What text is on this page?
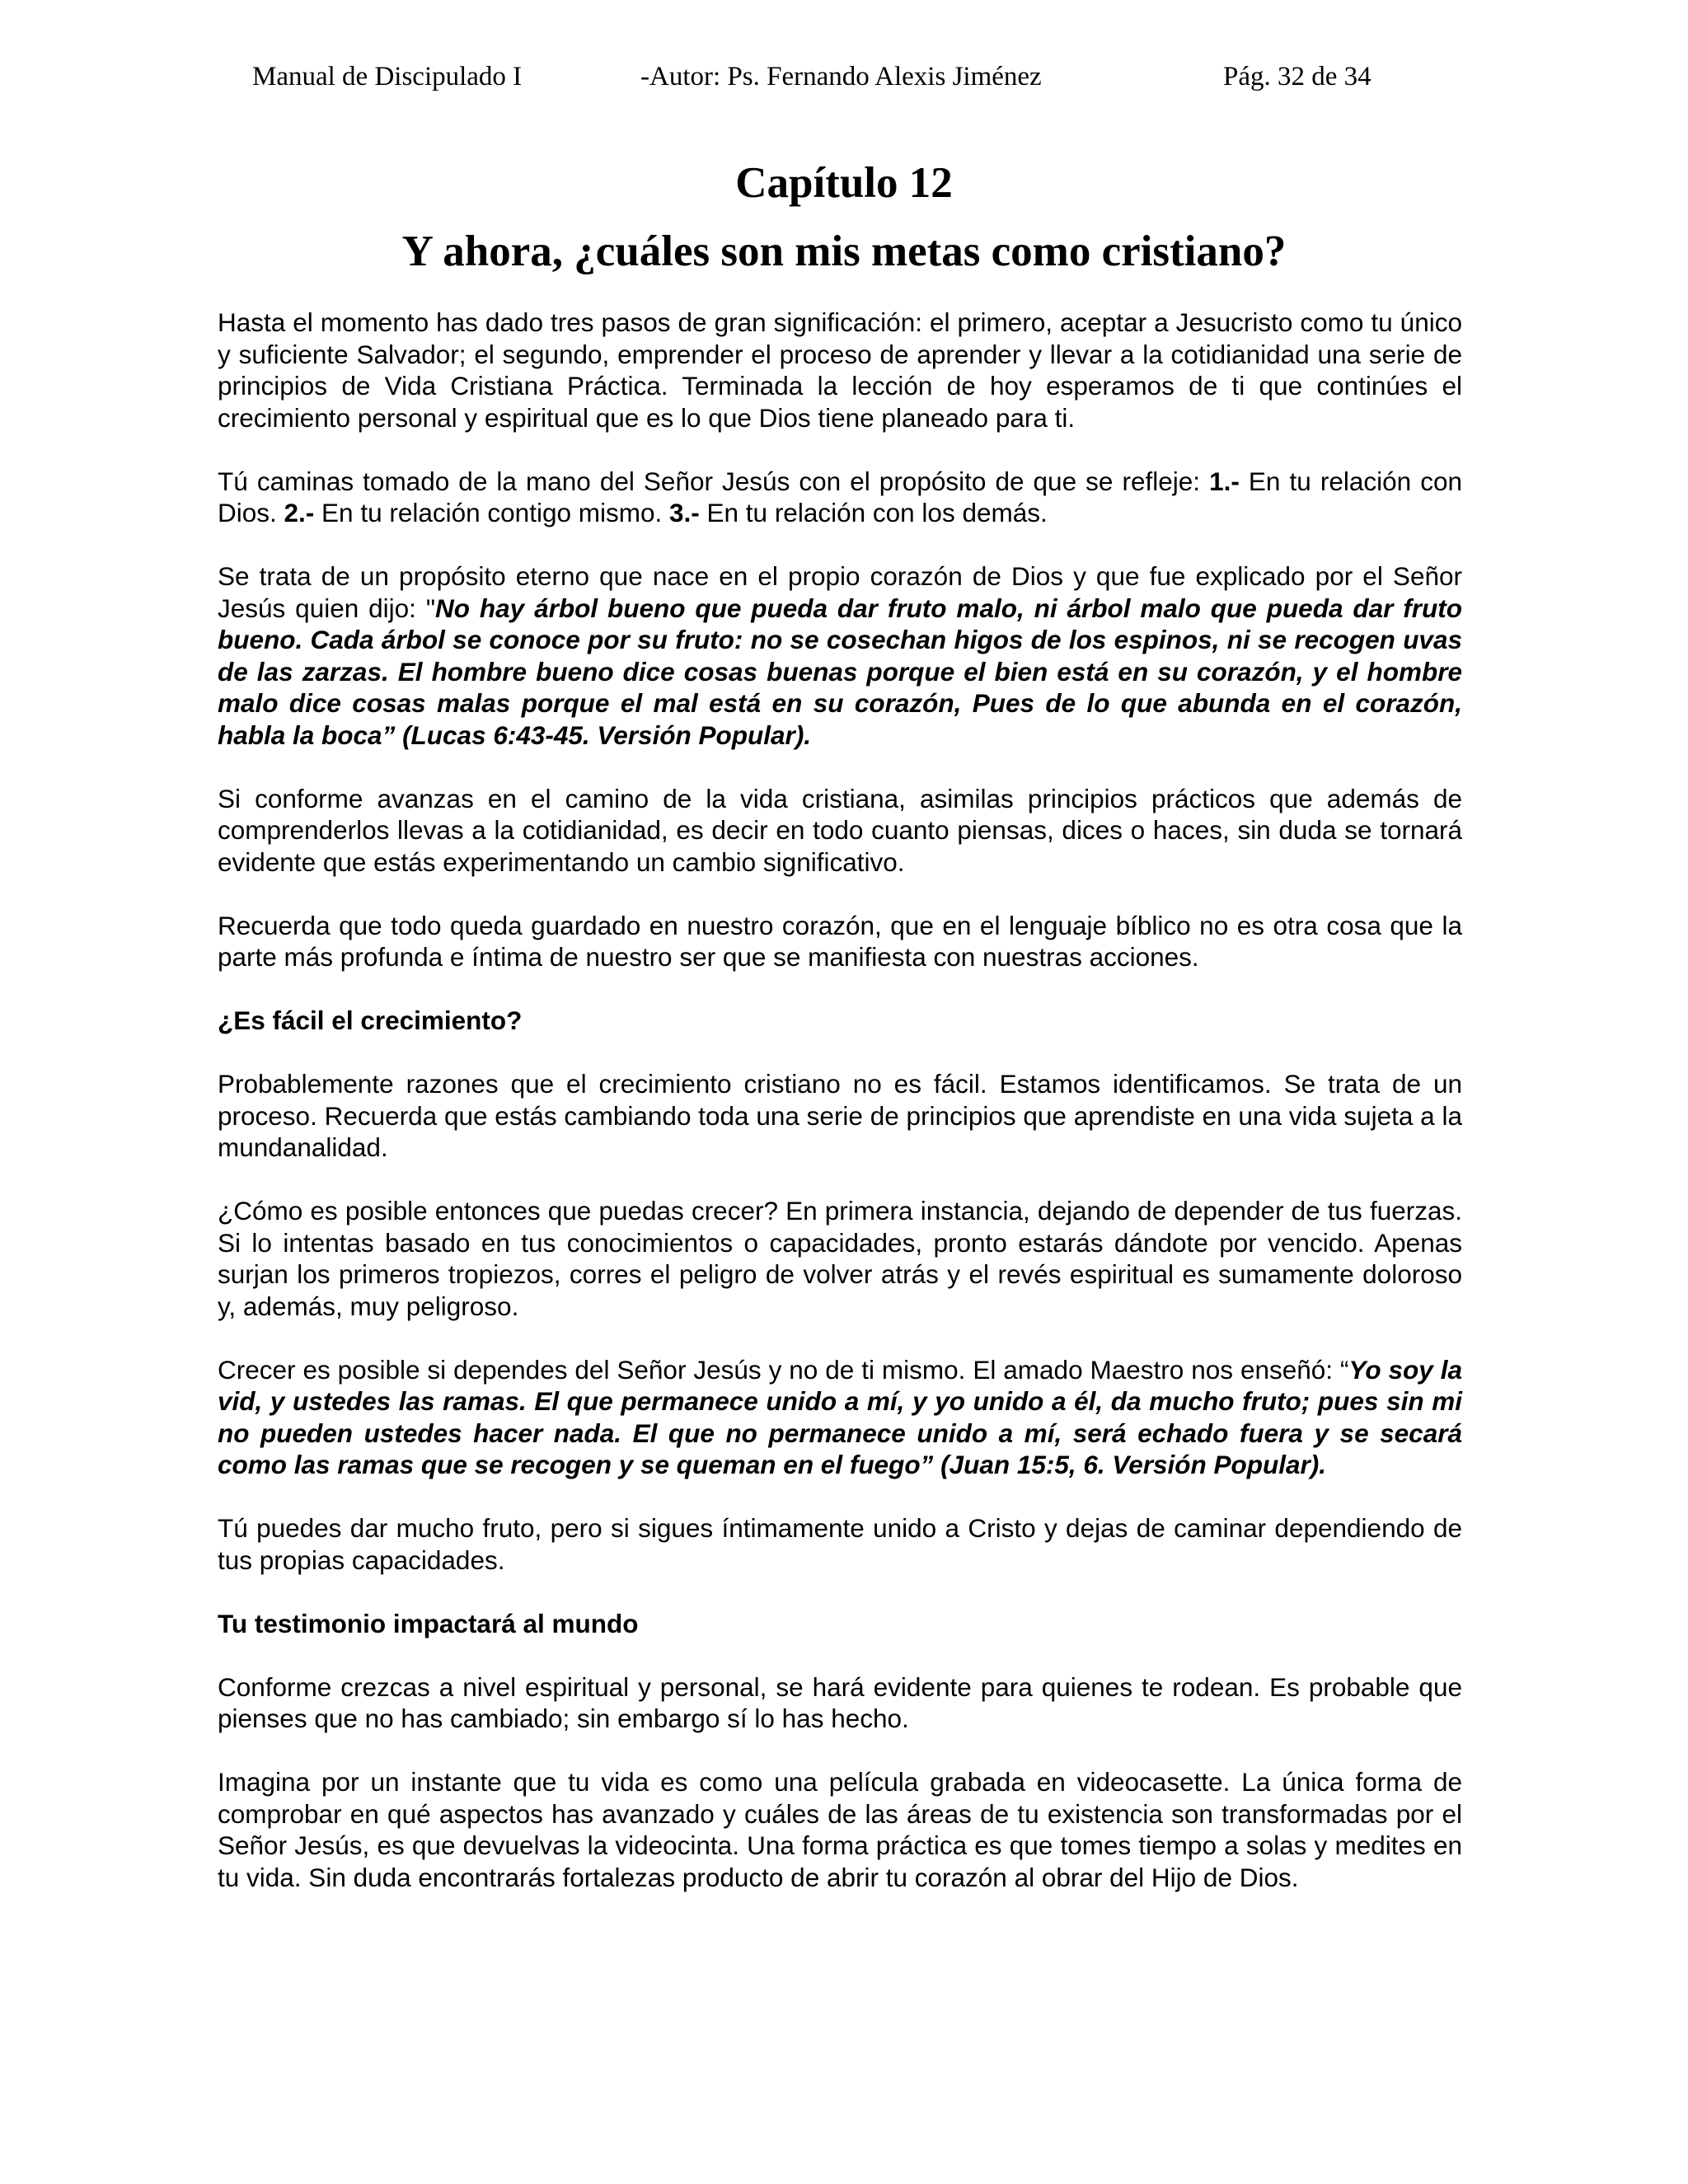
Manual de Discipulado I	-Autor: Ps. Fernando Alexis Jiménez	Pág. 32 de 34
Capítulo 12
Y ahora, ¿cuáles son mis metas como cristiano?

Hasta el momento has dado tres pasos de gran significación: el primero, aceptar a Jesucristo como tu único y suficiente Salvador; el segundo, emprender el proceso de aprender y llevar a la cotidianidad una serie de principios de Vida Cristiana Práctica. Terminada la lección de hoy esperamos de ti que continúes el crecimiento personal y espiritual que es lo que Dios tiene planeado para ti.

Tú caminas tomado de la mano del Señor Jesús con el propósito de que se refleje: 1.- En tu relación con Dios. 2.- En tu relación contigo mismo. 3.- En tu relación con los demás.

Se trata de un propósito eterno que nace en el propio corazón de Dios y que fue explicado por el Señor Jesús quien dijo: "No hay árbol bueno que pueda dar fruto malo, ni árbol malo que pueda dar fruto bueno. Cada árbol se conoce por su fruto: no se cosechan higos de los espinos, ni se recogen uvas de las zarzas. El hombre bueno dice cosas buenas porque el bien está en su corazón, y el hombre malo dice cosas malas porque el mal está en su corazón, Pues de lo que abunda en el corazón, habla la boca” (Lucas 6:43-45. Versión Popular).

Si conforme avanzas en el camino de la vida cristiana, asimilas principios prácticos que además de comprenderlos llevas a la cotidianidad, es decir en todo cuanto piensas, dices o haces, sin duda se tornará evidente que estás experimentando un cambio significativo.

Recuerda que todo queda guardado en nuestro corazón, que en el lenguaje bíblico no es otra cosa que la parte más profunda e íntima de nuestro ser que se manifiesta con nuestras acciones.

¿Es fácil el crecimiento?

Probablemente razones que el crecimiento cristiano no es fácil. Estamos identificamos. Se trata de un proceso. Recuerda que estás cambiando toda una serie de principios que aprendiste en una vida sujeta a la mundanalidad.

¿Cómo es posible entonces que puedas crecer? En primera instancia, dejando de depender de tus fuerzas. Si lo intentas basado en tus conocimientos o capacidades, pronto estarás dándote por vencido. Apenas surjan los primeros tropiezos, corres el peligro de volver atrás y el revés espiritual es sumamente doloroso y, además, muy peligroso.

Crecer es posible si dependes del Señor Jesús y no de ti mismo. El amado Maestro nos enseñó: “Yo soy la vid, y ustedes las ramas. El que permanece unido a mí, y yo unido a él, da mucho fruto; pues sin mi no pueden ustedes hacer nada. El que no permanece unido a mí, será echado fuera y se secará como las ramas que se recogen y se queman en el fuego” (Juan 15:5, 6. Versión Popular).

Tú puedes dar mucho fruto, pero si sigues íntimamente unido a Cristo y dejas de caminar dependiendo de tus propias capacidades.

Tu testimonio impactará al mundo

Conforme crezcas a nivel espiritual y personal, se hará evidente para quienes te rodean. Es probable que pienses que no has cambiado; sin embargo sí lo has hecho.

Imagina por un instante que tu vida es como una película grabada en videocasette. La única forma de comprobar en qué aspectos has avanzado y cuáles de las áreas de tu existencia son transformadas por el Señor Jesús, es que devuelvas la videocinta. Una forma práctica es que tomes tiempo a solas y medites en tu vida. Sin duda encontrarás fortalezas producto de abrir tu corazón al obrar del Hijo de Dios.
